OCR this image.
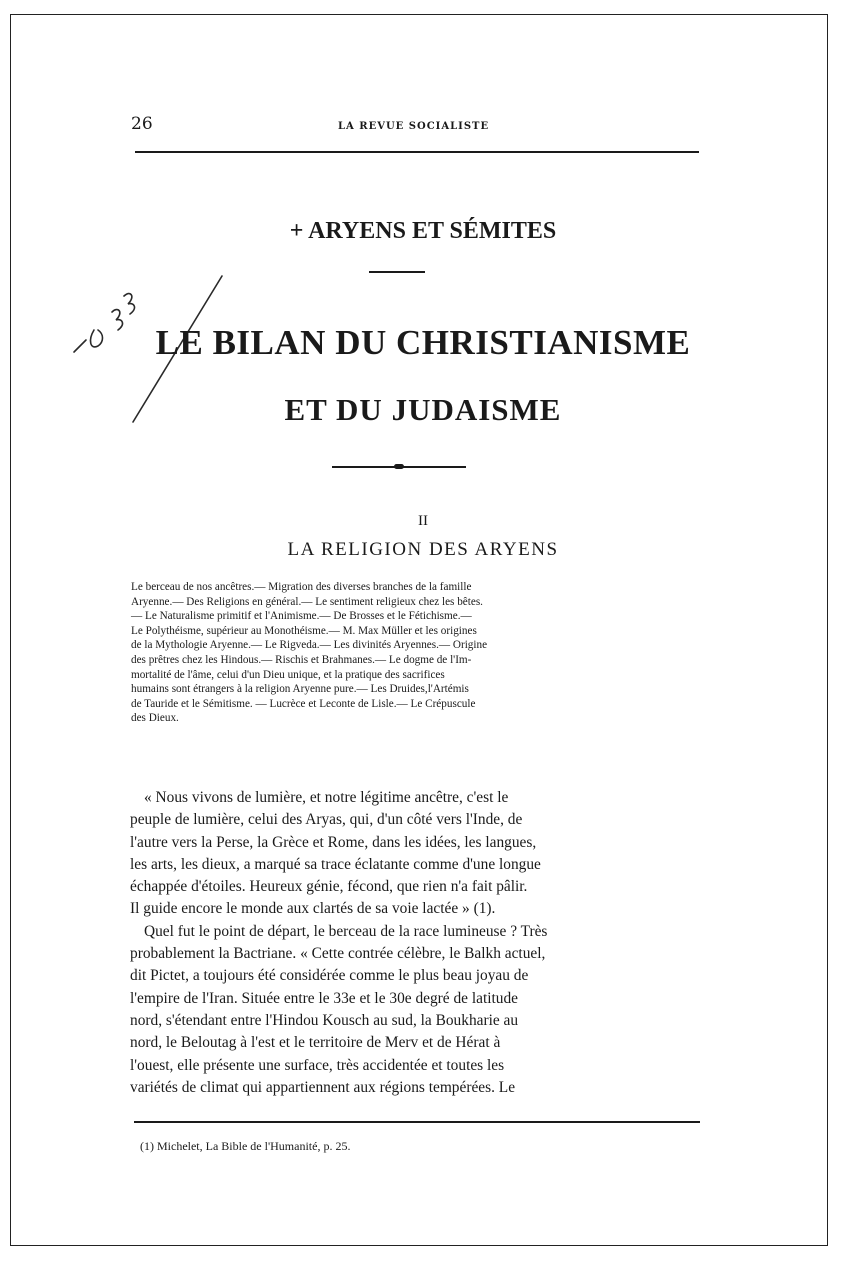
1033
26	LA REVUE SOCIALISTE
+ ARYENS ET SÉMITES
LE BILAN DU CHRISTIANISME
ET DU JUDAISME
II
LA RELIGION DES ARYENS
Le berceau de nos ancêtres.— Migration des diverses branches de la famille
Aryenne.— Des Religions en général.— Le sentiment religieux chez les bêtes.
— Le Naturalisme primitif et l'Animisme.— De Brosses et le Fétichisme.—
Le Polythéisme, supérieur au Monothéisme.— M. Max Müller et les origines
de la Mythologie Aryenne.— Le Rigveda.— Les divinités Aryennes.— Origine
des prêtres chez les Hindous.— Rischis et Brahmanes.— Le dogme de l'Im-
mortalité de l'âme, celui d'un Dieu unique, et la pratique des sacrifices
humains sont étrangers à la religion Aryenne pure.— Les Druides,l'Artémis
de Tauride et le Sémitisme. — Lucrèce et Leconte de Lisle.— Le Crépuscule
des Dieux.
« Nous vivons de lumière, et notre légitime ancêtre, c'est le
peuple de lumière, celui des Aryas, qui, d'un côté vers l'Inde, de
l'autre vers la Perse, la Grèce et Rome, dans les idées, les langues,
les arts, les dieux, a marqué sa trace éclatante comme d'une longue
échappée d'étoiles. Heureux génie, fécond, que rien n'a fait pâlir.
Il guide encore le monde aux clartés de sa voie lactée » (1).
Quel fut le point de départ, le berceau de la race lumineuse ? Très
probablement la Bactriane. « Cette contrée célèbre, le Balkh actuel,
dit Pictet, a toujours été considérée comme le plus beau joyau de
l'empire de l'Iran. Située entre le 33e et le 30e degré de latitude
nord, s'étendant entre l'Hindou Kousch au sud, la Boukharie au
nord, le Beloutag à l'est et le territoire de Merv et de Hérat à
l'ouest, elle présente une surface, très accidentée et toutes les
variétés de climat qui appartiennent aux régions tempérées. Le
(1) Michelet, La Bible de l'Humanité, p. 25.
